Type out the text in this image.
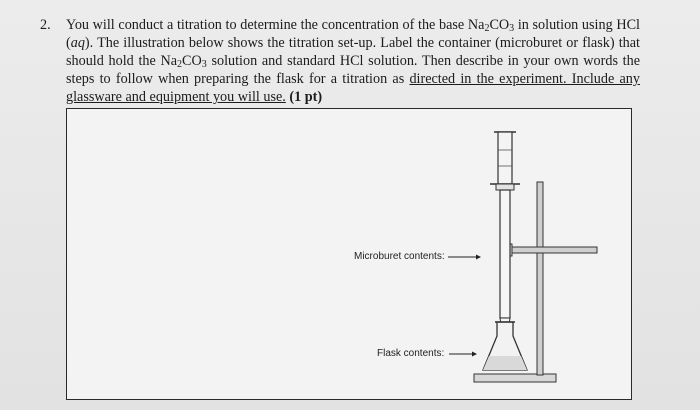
2. You will conduct a titration to determine the concentration of the base $Na_2CO_3$ in solution using HCl (aq). The illustration below shows the titration set-up. Label the container (microburet or flask) that should hold the $Na_2CO_3$ solution and standard HCl solution. Then describe in your own words the steps to follow when preparing the flask for a titration as directed in the experiment. Include any glassware and equipment you will use. (1 pt)
Microburet contents:
Flask contents:
